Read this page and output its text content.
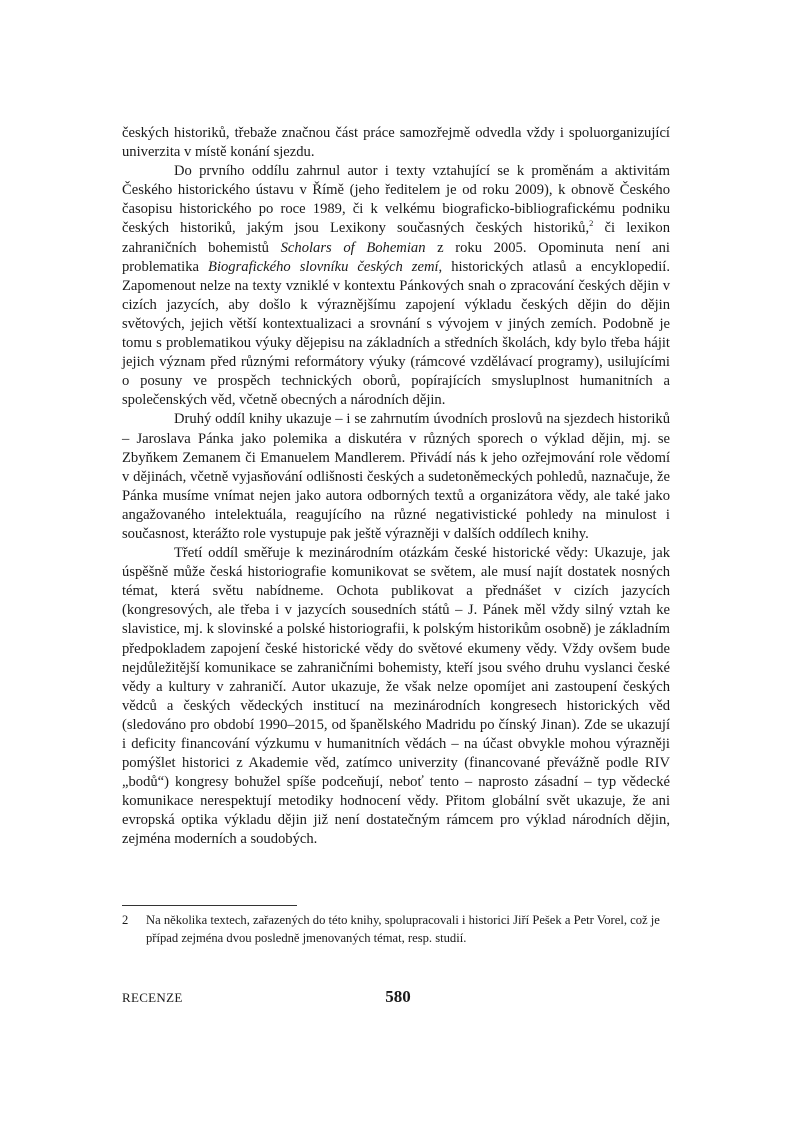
českých historiků, třebaže značnou část práce samozřejmě odvedla vždy i spoluorganizující univerzita v místě konání sjezdu.

Do prvního oddílu zahrnul autor i texty vztahující se k proměnám a aktivitám Českého historického ústavu v Římě (jeho ředitelem je od roku 2009), k obnově Českého časopisu historického po roce 1989, či k velkému biograficko-bibliografickému podniku českých historiků, jakým jsou Lexikony současných českých historiků,$^2$ či lexikon zahraničních bohemistů Scholars of Bohemian z roku 2005. Opominuta není ani problematika Biografického slovníku českých zemí, historických atlasů a encyklopedií. Zapomenout nelze na texty vzniklé v kontextu Pánkových snah o zpracování českých dějin v cizích jazycích, aby došlo k výraznějšímu zapojení výkladu českých dějin do dějin světových, jejich větší kontextualizaci a srovnání s vývojem v jiných zemích. Podobně je tomu s problematikou výuky dějepisu na základních a středních školách, kdy bylo třeba hájit jejich význam před různými reformátory výuky (rámcové vzdělávací programy), usilujícími o posuny ve prospěch technických oborů, popírajících smysluplnost humanitních a společenských věd, včetně obecných a národních dějin.

Druhý oddíl knihy ukazuje – i se zahrnutím úvodních proslovů na sjezdech historiků – Jaroslava Pánka jako polemika a diskutéra v různých sporech o výklad dějin, mj. se Zbyňkem Zemanem či Emanuelem Mandlerem. Přivádí nás k jeho ozřejmování role vědomí v dějinách, včetně vyjasňování odlišnosti českých a sudetoněmeckých pohledů, naznačuje, že Pánka musíme vnímat nejen jako autora odborných textů a organizátora vědy, ale také jako angažovaného intelektuála, reagujícího na různé negativistické pohledy na minulost i současnost, kterážto role vystupuje pak ještě výrazněji v dalších oddílech knihy.

Třetí oddíl směřuje k mezinárodním otázkám české historické vědy: Ukazuje, jak úspěšně může česká historiografie komunikovat se světem, ale musí najít dostatek nosných témat, která světu nabídneme. Ochota publikovat a přednášet v cizích jazycích (kongresových, ale třeba i v jazycích sousedních států – J. Pánek měl vždy silný vztah ke slavistice, mj. k slovinské a polské historiografii, k polským historikům osobně) je základním předpokladem zapojení české historické vědy do světové ekumeny vědy. Vždy ovšem bude nejdůležitější komunikace se zahraničními bohemisty, kteří jsou svého druhu vyslanci české vědy a kultury v zahraničí. Autor ukazuje, že však nelze opomíjet ani zastoupení českých vědců a českých vědeckých institucí na mezinárodních kongresech historických věd (sledováno pro období 1990–2015, od španělského Madridu po čínský Jinan). Zde se ukazují i deficity financování výzkumu v humanitních vědách – na účast obvykle mohou výrazněji pomýšlet historici z Akademie věd, zatímco univerzity (financované převážně podle RIV „bodů“) kongresy bohužel spíše podceňují, neboť tento – naprosto zásadní – typ vědecké komunikace nerespektují metodiky hodnocení vědy. Přitom globální svět ukazuje, že ani evropská optika výkladu dějin již není dostatečným rámcem pro výklad národních dějin, zejména moderních a soudobých.

2	Na několika textech, zařazených do této knihy, spolupracovali i historici Jiří Pešek a Petr Vorel, což je případ zejména dvou posledně jmenovaných témat, resp. studií.
RECENZE	580
